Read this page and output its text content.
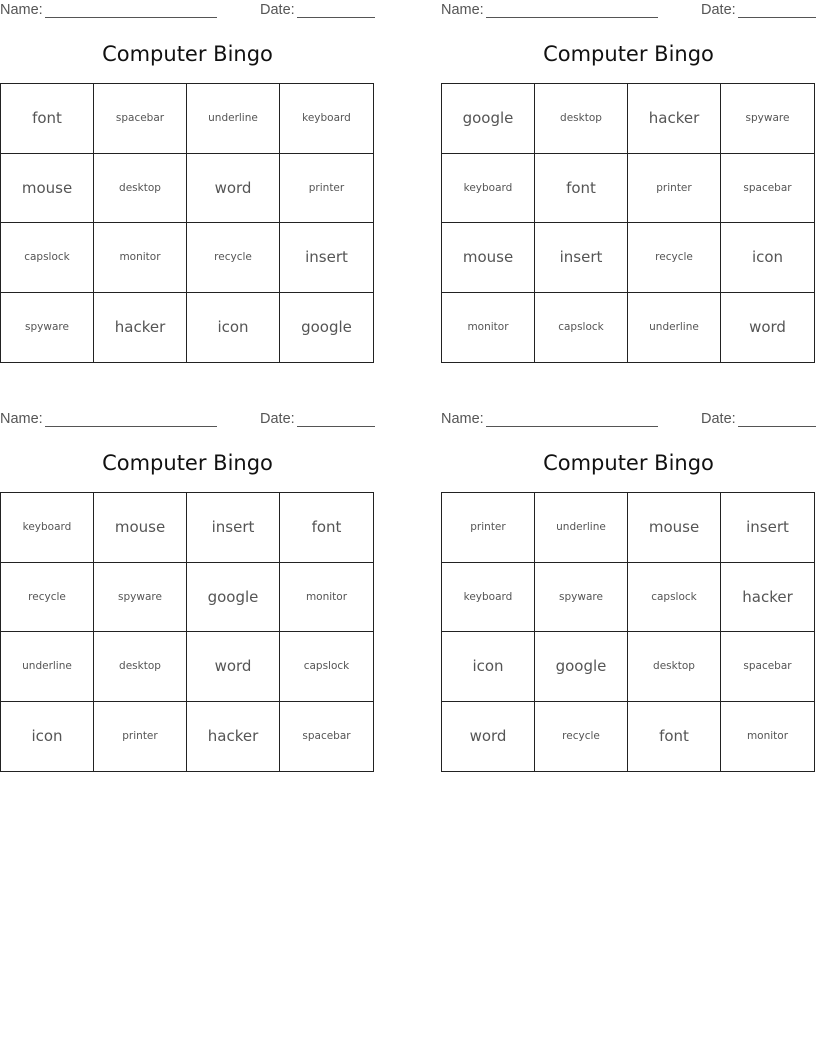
Name:	Date:
Computer Bingo
font	spacebar	underline	keyboard
mouse	desktop	word	printer
capslock	monitor	recycle	insert
spyware	hacker	icon	google
Name:	Date:
Computer Bingo
google	desktop	hacker	spyware
keyboard	font	printer	spacebar
mouse	insert	recycle	icon
monitor	capslock	underline	word
Name:	Date:
Computer Bingo
keyboard	mouse	insert	font
recycle	spyware	google	monitor
underline	desktop	word	capslock
icon	printer	hacker	spacebar
Name:	Date:
Computer Bingo
printer	underline	mouse	insert
keyboard	spyware	capslock	hacker
icon	google	desktop	spacebar
word	recycle	font	monitor
